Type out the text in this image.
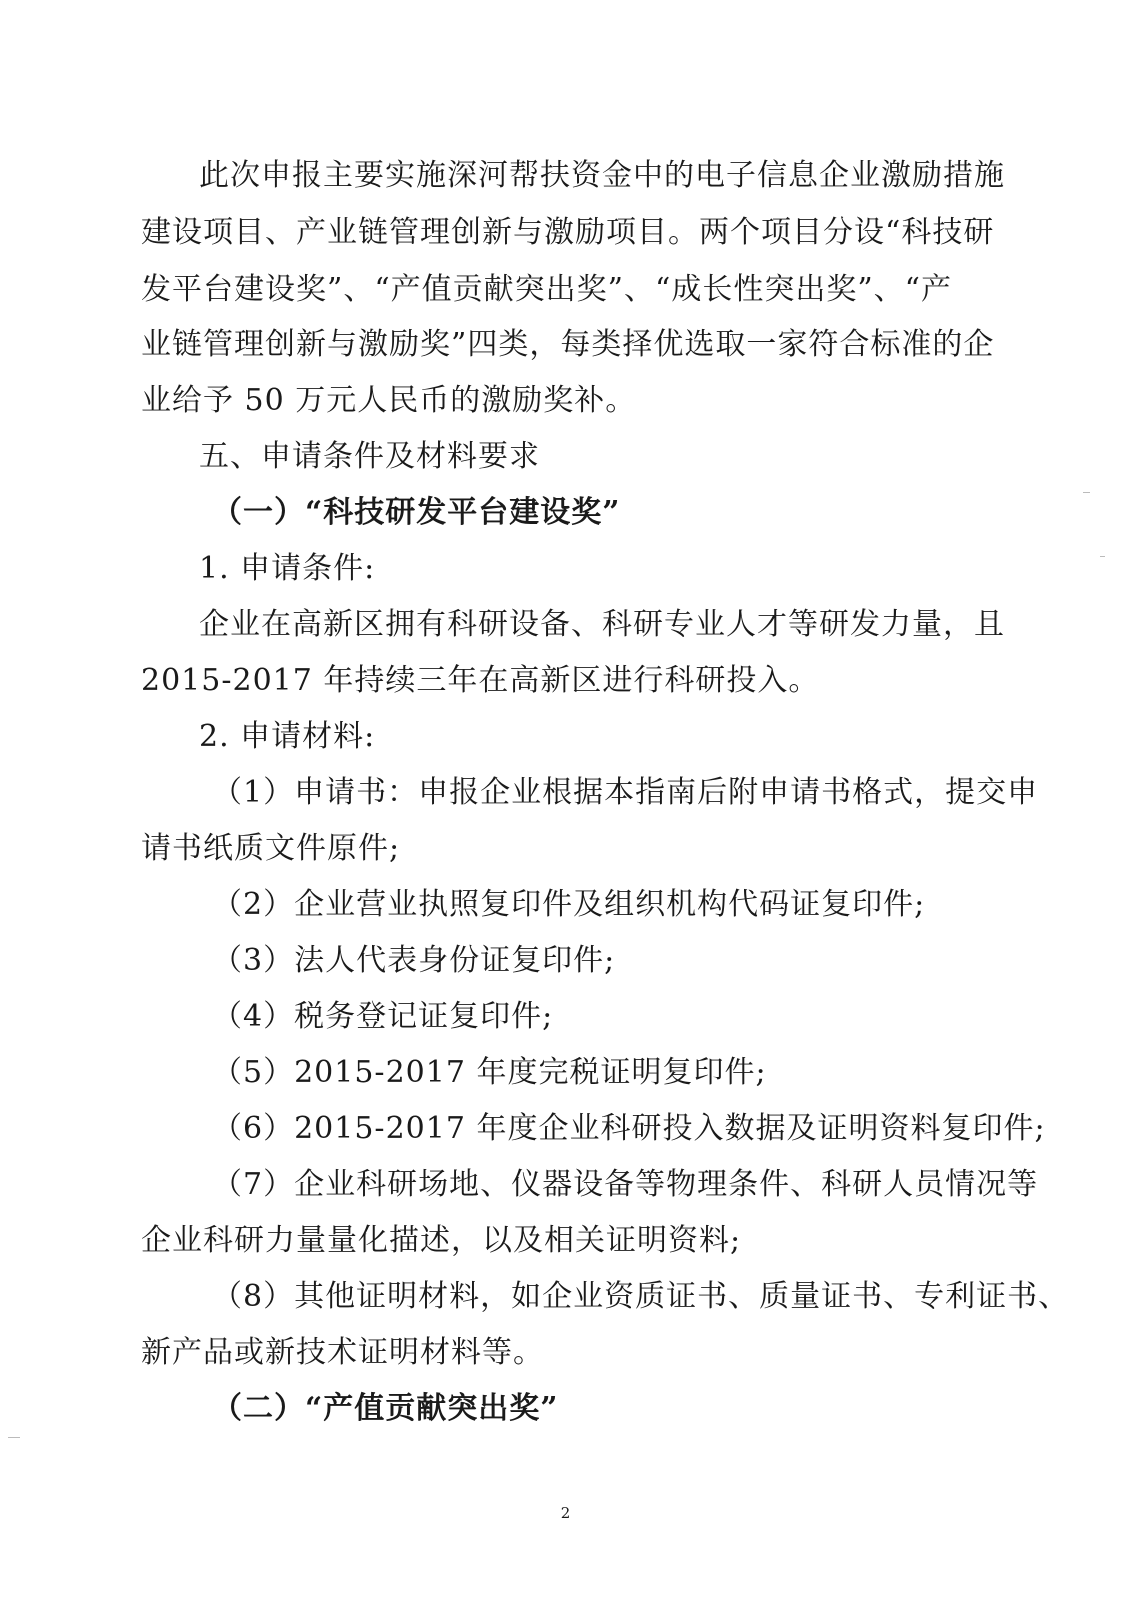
此次申报主要实施深河帮扶资金中的电子信息企业激励措施
建设项目、产业链管理创新与激励项目。两个项目分设“科技研
发平台建设奖”、“产值贡献突出奖”、“成长性突出奖”、“产
业链管理创新与激励奖”四类，每类择优选取一家符合标准的企
业给予 50 万元人民币的激励奖补。
五、申请条件及材料要求
（一）“科技研发平台建设奖”
1. 申请条件:
企业在高新区拥有科研设备、科研专业人才等研发力量，且
2015-2017 年持续三年在高新区进行科研投入。
2. 申请材料:
（1）申请书：申报企业根据本指南后附申请书格式，提交申
请书纸质文件原件;
（2）企业营业执照复印件及组织机构代码证复印件;
（3）法人代表身份证复印件;
（4）税务登记证复印件;
（5）2015-2017 年度完税证明复印件;
（6）2015-2017 年度企业科研投入数据及证明资料复印件;
（7）企业科研场地、仪器设备等物理条件、科研人员情况等
企业科研力量量化描述，以及相关证明资料;
（8）其他证明材料，如企业资质证书、质量证书、专利证书、
新产品或新技术证明材料等。
（二）“产值贡献突出奖”
2
